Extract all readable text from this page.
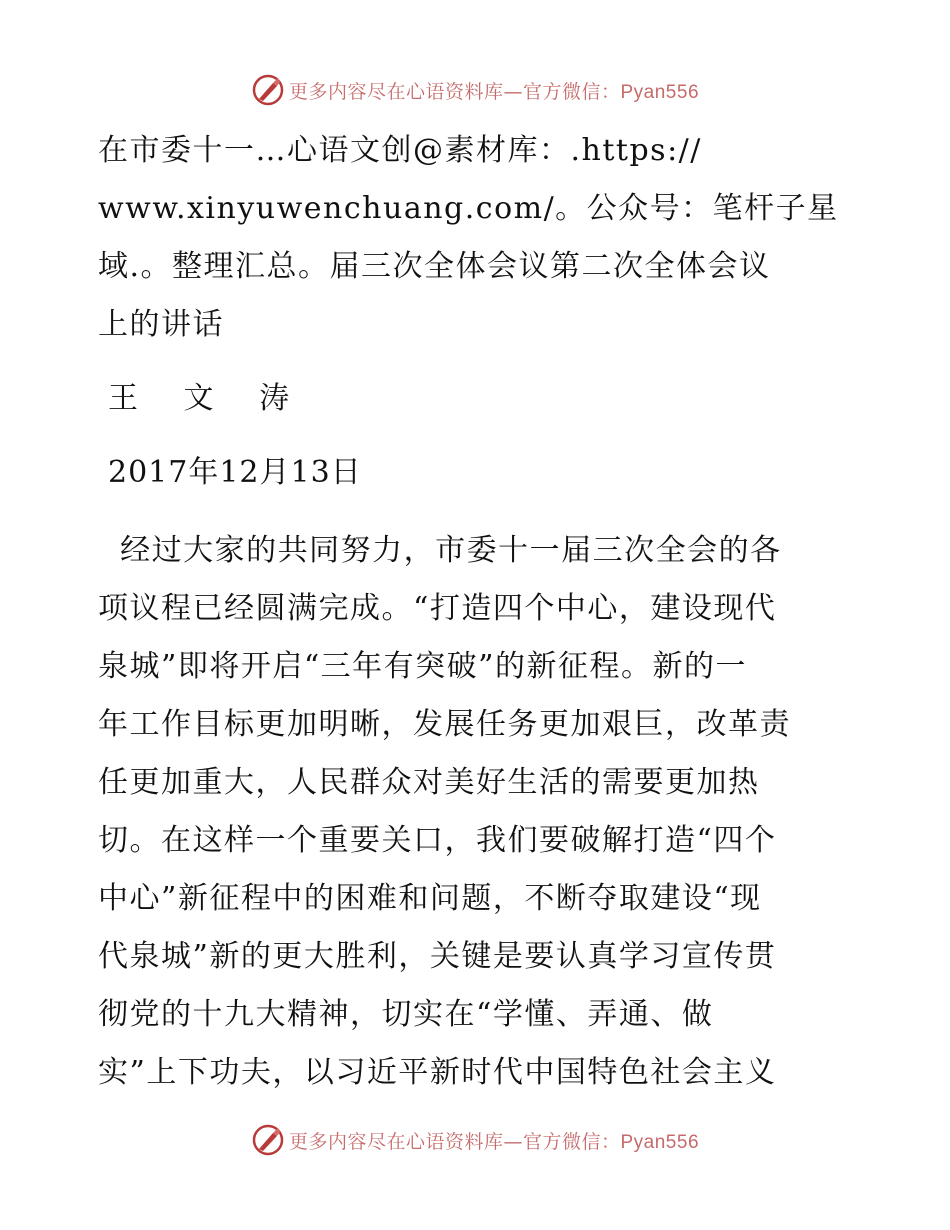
更多内容尽在心语资料库—官方微信：Pyan556

在市委十一…心语文创@素材库：.https://

www.xinyuwenchuang.com/。公众号：笔杆子星

域.。整理汇总。届三次全体会议第二次全体会议

上的讲话

王 文 涛

2017年12月13日

经过大家的共同努力，市委十一届三次全会的各

项议程已经圆满完成。“打造四个中心，建设现代

泉城”即将开启“三年有突破”的新征程。新的一

年工作目标更加明晰，发展任务更加艰巨，改革责

任更加重大，人民群众对美好生活的需要更加热

切。在这样一个重要关口，我们要破解打造“四个

中心”新征程中的困难和问题，不断夺取建设“现

代泉城”新的更大胜利，关键是要认真学习宣传贯

彻党的十九大精神，切实在“学懂、弄通、做

实”上下功夫，以习近平新时代中国特色社会主义

更多内容尽在心语资料库—官方微信：Pyan556
